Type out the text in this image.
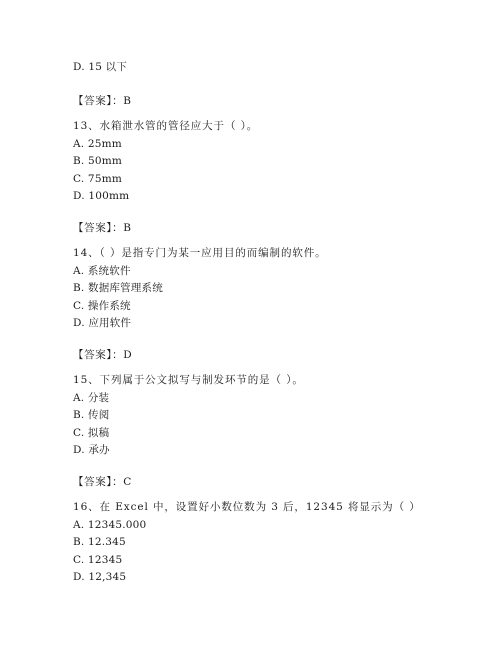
D. 15 以下
【答案】：B
13、水箱泄水管的管径应大于（ ）。
A. 25mm
B. 50mm
C. 75mm
D. 100mm
【答案】：B
14、（ ）是指专门为某一应用目的而编制的软件。
A. 系统软件
B. 数据库管理系统
C. 操作系统
D. 应用软件
【答案】：D
15、下列属于公文拟写与制发环节的是（ ）。
A. 分装
B. 传阅
C. 拟稿
D. 承办
【答案】：C
16、在 Excel 中，设置好小数位数为 3 后，12345 将显示为（ ）
A. 12345.000
B. 12.345
C. 12345
D. 12,345
